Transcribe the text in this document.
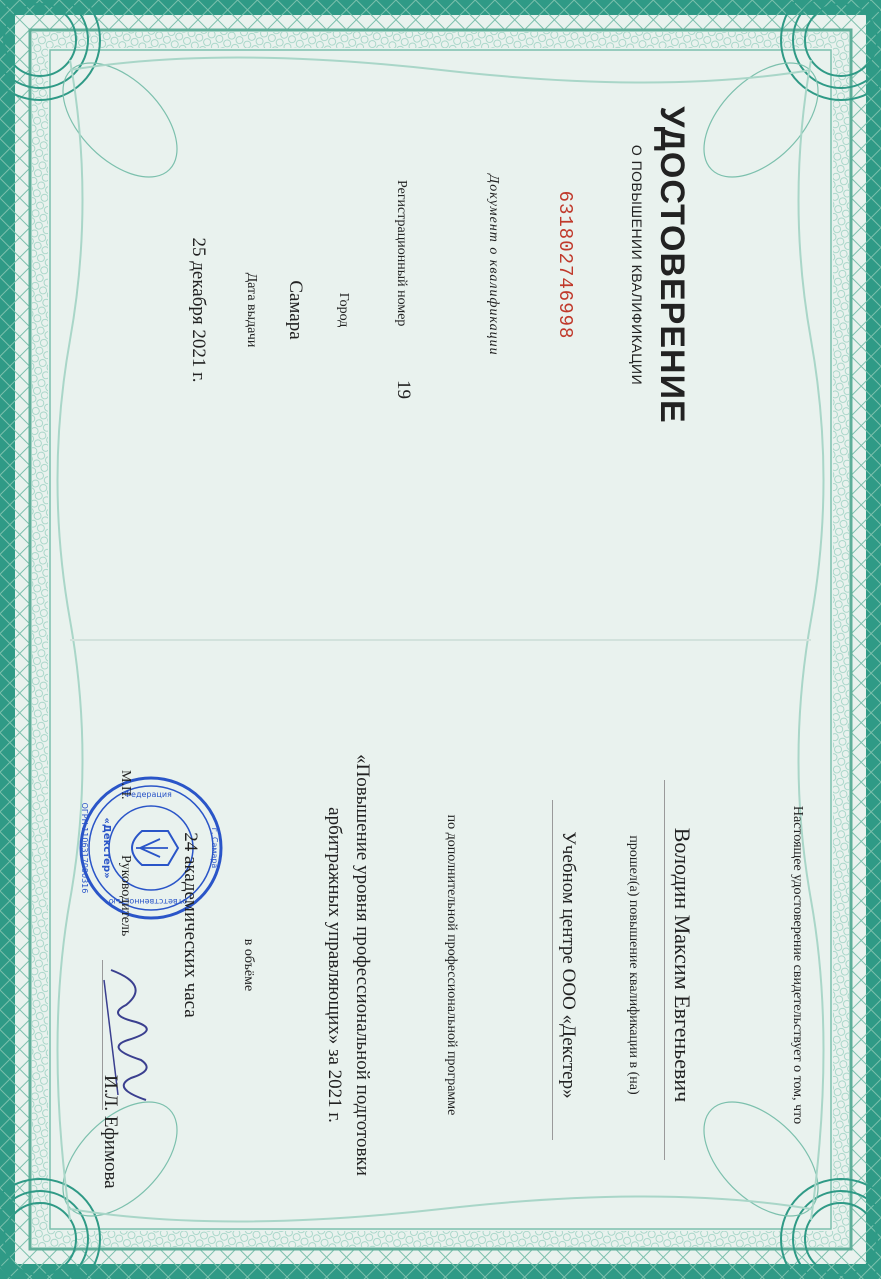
УДОСТОВЕРЕНИЕ
О ПОВЫШЕНИИ КВАЛИФИКАЦИИ
631802746998
Документ о квалификации
Регистрационный номер
19
Город
Самара
Дата выдачи
25 декабря 2021 г.
Настоящее удостоверение свидетельствует о том, что
Володин Максим Евгеньевич
прошел(а) повышение квалификации в (на)
Учебном центре ООО «Декстер»
по дополнительной профессиональной программе
«Повышение уровня профессиональной подготовки
арбитражных управляющих» за 2021 г.
в объёме
г. Самара
ОГРН 1106317000316
Федерация
ответственностью
«Декстер»	24 академических часа
М.П.
Руководитель
И.Л. Ефимова
